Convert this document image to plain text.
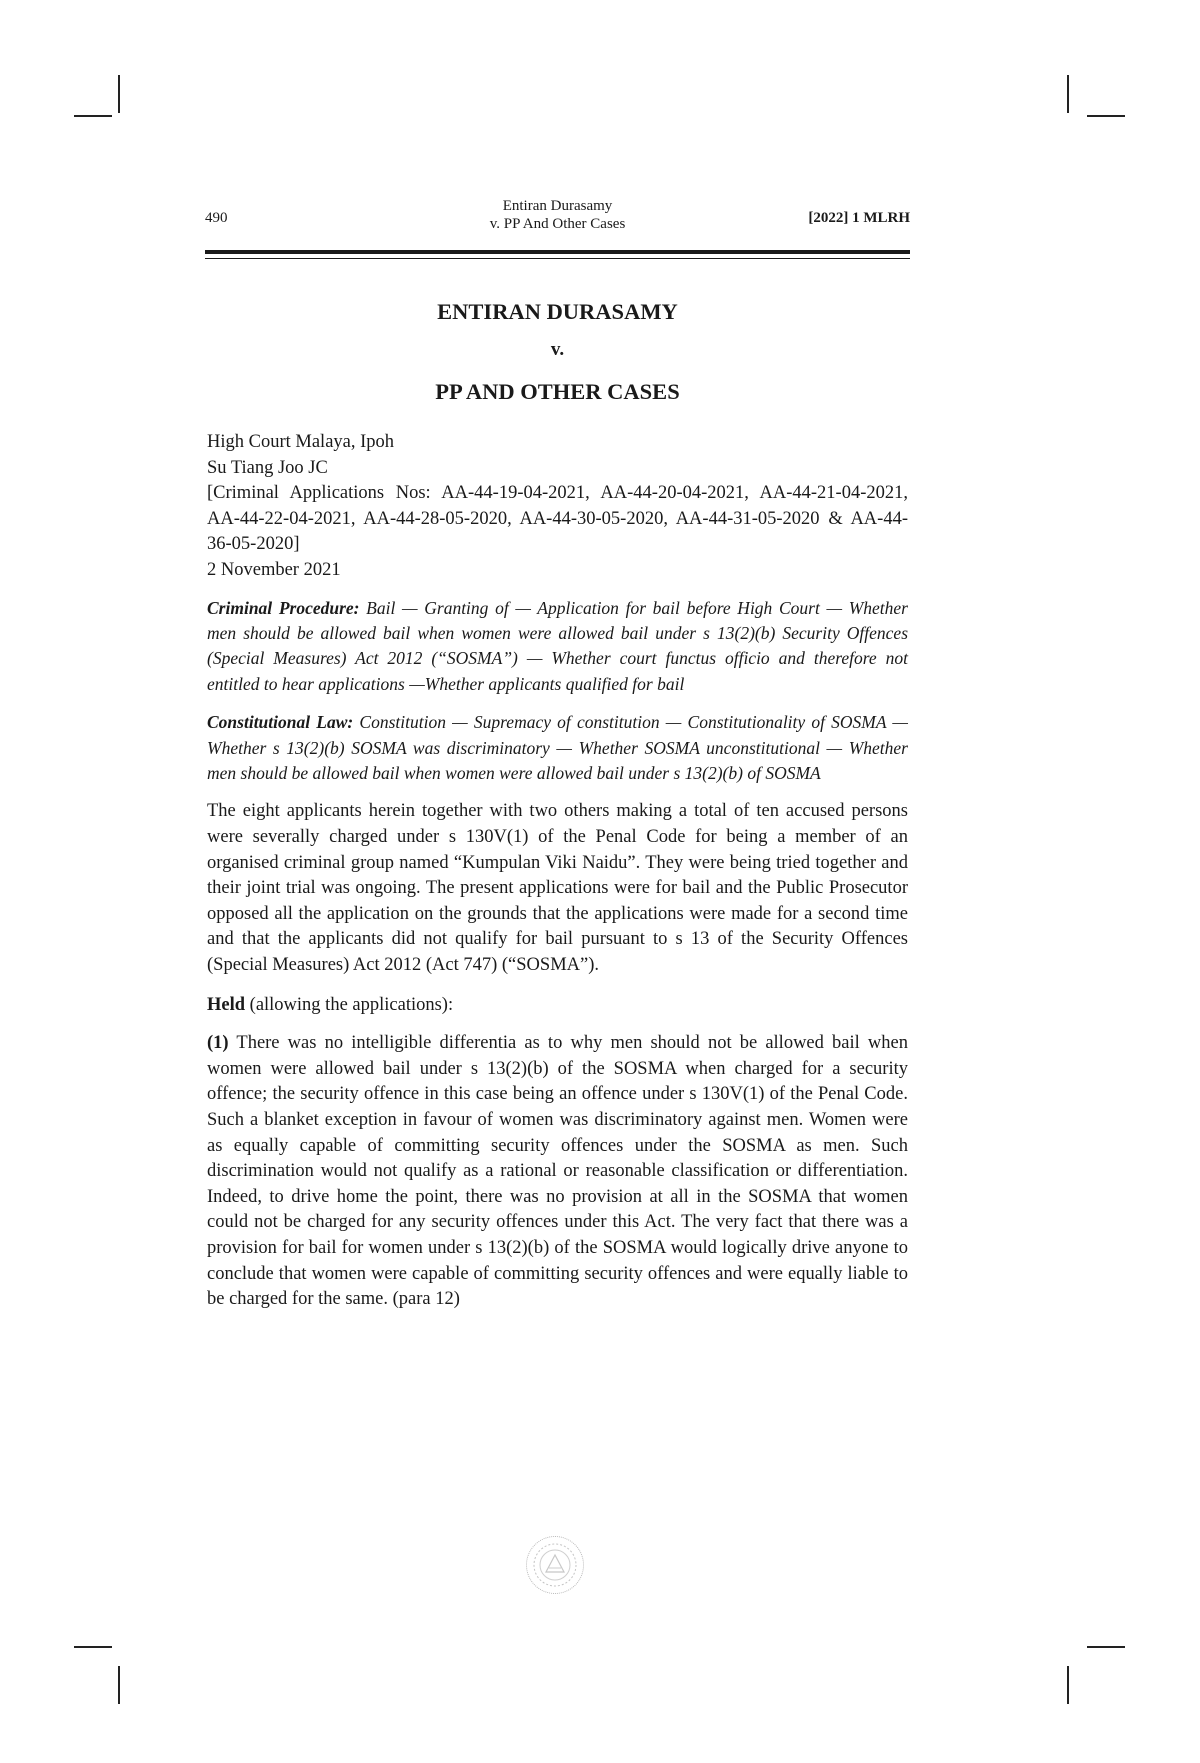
490
Entiran Durasamy
v. PP And Other Cases	[2022] 1 MLRH

ENTIRAN DURASAMY

v.

PP AND OTHER CASES

High Court Malaya, Ipoh
Su Tiang Joo JC
[Criminal Applications Nos: AA-44-19-04-2021, AA-44-20-04-2021, AA-44-21-04-2021, AA-44-22-04-2021, AA-44-28-05-2020, AA-44-30-05-2020, AA-44-31-05-2020 & AA-44-36-05-2020]
2 November 2021
Criminal Procedure: Bail — Granting of — Application for bail before High Court — Whether men should be allowed bail when women were allowed bail under s 13(2)(b) Security Offences (Special Measures) Act 2012 (“SOSMA”) — Whether court functus officio and therefore not entitled to hear applications —Whether applicants qualified for bail
Constitutional Law: Constitution — Supremacy of constitution — Constitutionality of SOSMA — Whether s 13(2)(b) SOSMA was discriminatory — Whether SOSMA unconstitutional — Whether men should be allowed bail when women were allowed bail under s 13(2)(b) of SOSMA
The eight applicants herein together with two others making a total of ten accused persons were severally charged under s 130V(1) of the Penal Code for being a member of an organised criminal group named “Kumpulan Viki Naidu”. They were being tried together and their joint trial was ongoing. The present applications were for bail and the Public Prosecutor opposed all the application on the grounds that the applications were made for a second time and that the applicants did not qualify for bail pursuant to s 13 of the Security Offences (Special Measures) Act 2012 (Act 747) (“SOSMA”).
Held (allowing the applications):
(1) There was no intelligible differentia as to why men should not be allowed bail when women were allowed bail under s 13(2)(b) of the SOSMA when charged for a security offence; the security offence in this case being an offence under s 130V(1) of the Penal Code. Such a blanket exception in favour of women was discriminatory against men. Women were as equally capable of committing security offences under the SOSMA as men. Such discrimination would not qualify as a rational or reasonable classification or differentiation. Indeed, to drive home the point, there was no provision at all in the SOSMA that women could not be charged for any security offences under this Act. The very fact that there was a provision for bail for women under s 13(2)(b) of the SOSMA would logically drive anyone to conclude that women were capable of committing security offences and were equally liable to be charged for the same. (para 12)
